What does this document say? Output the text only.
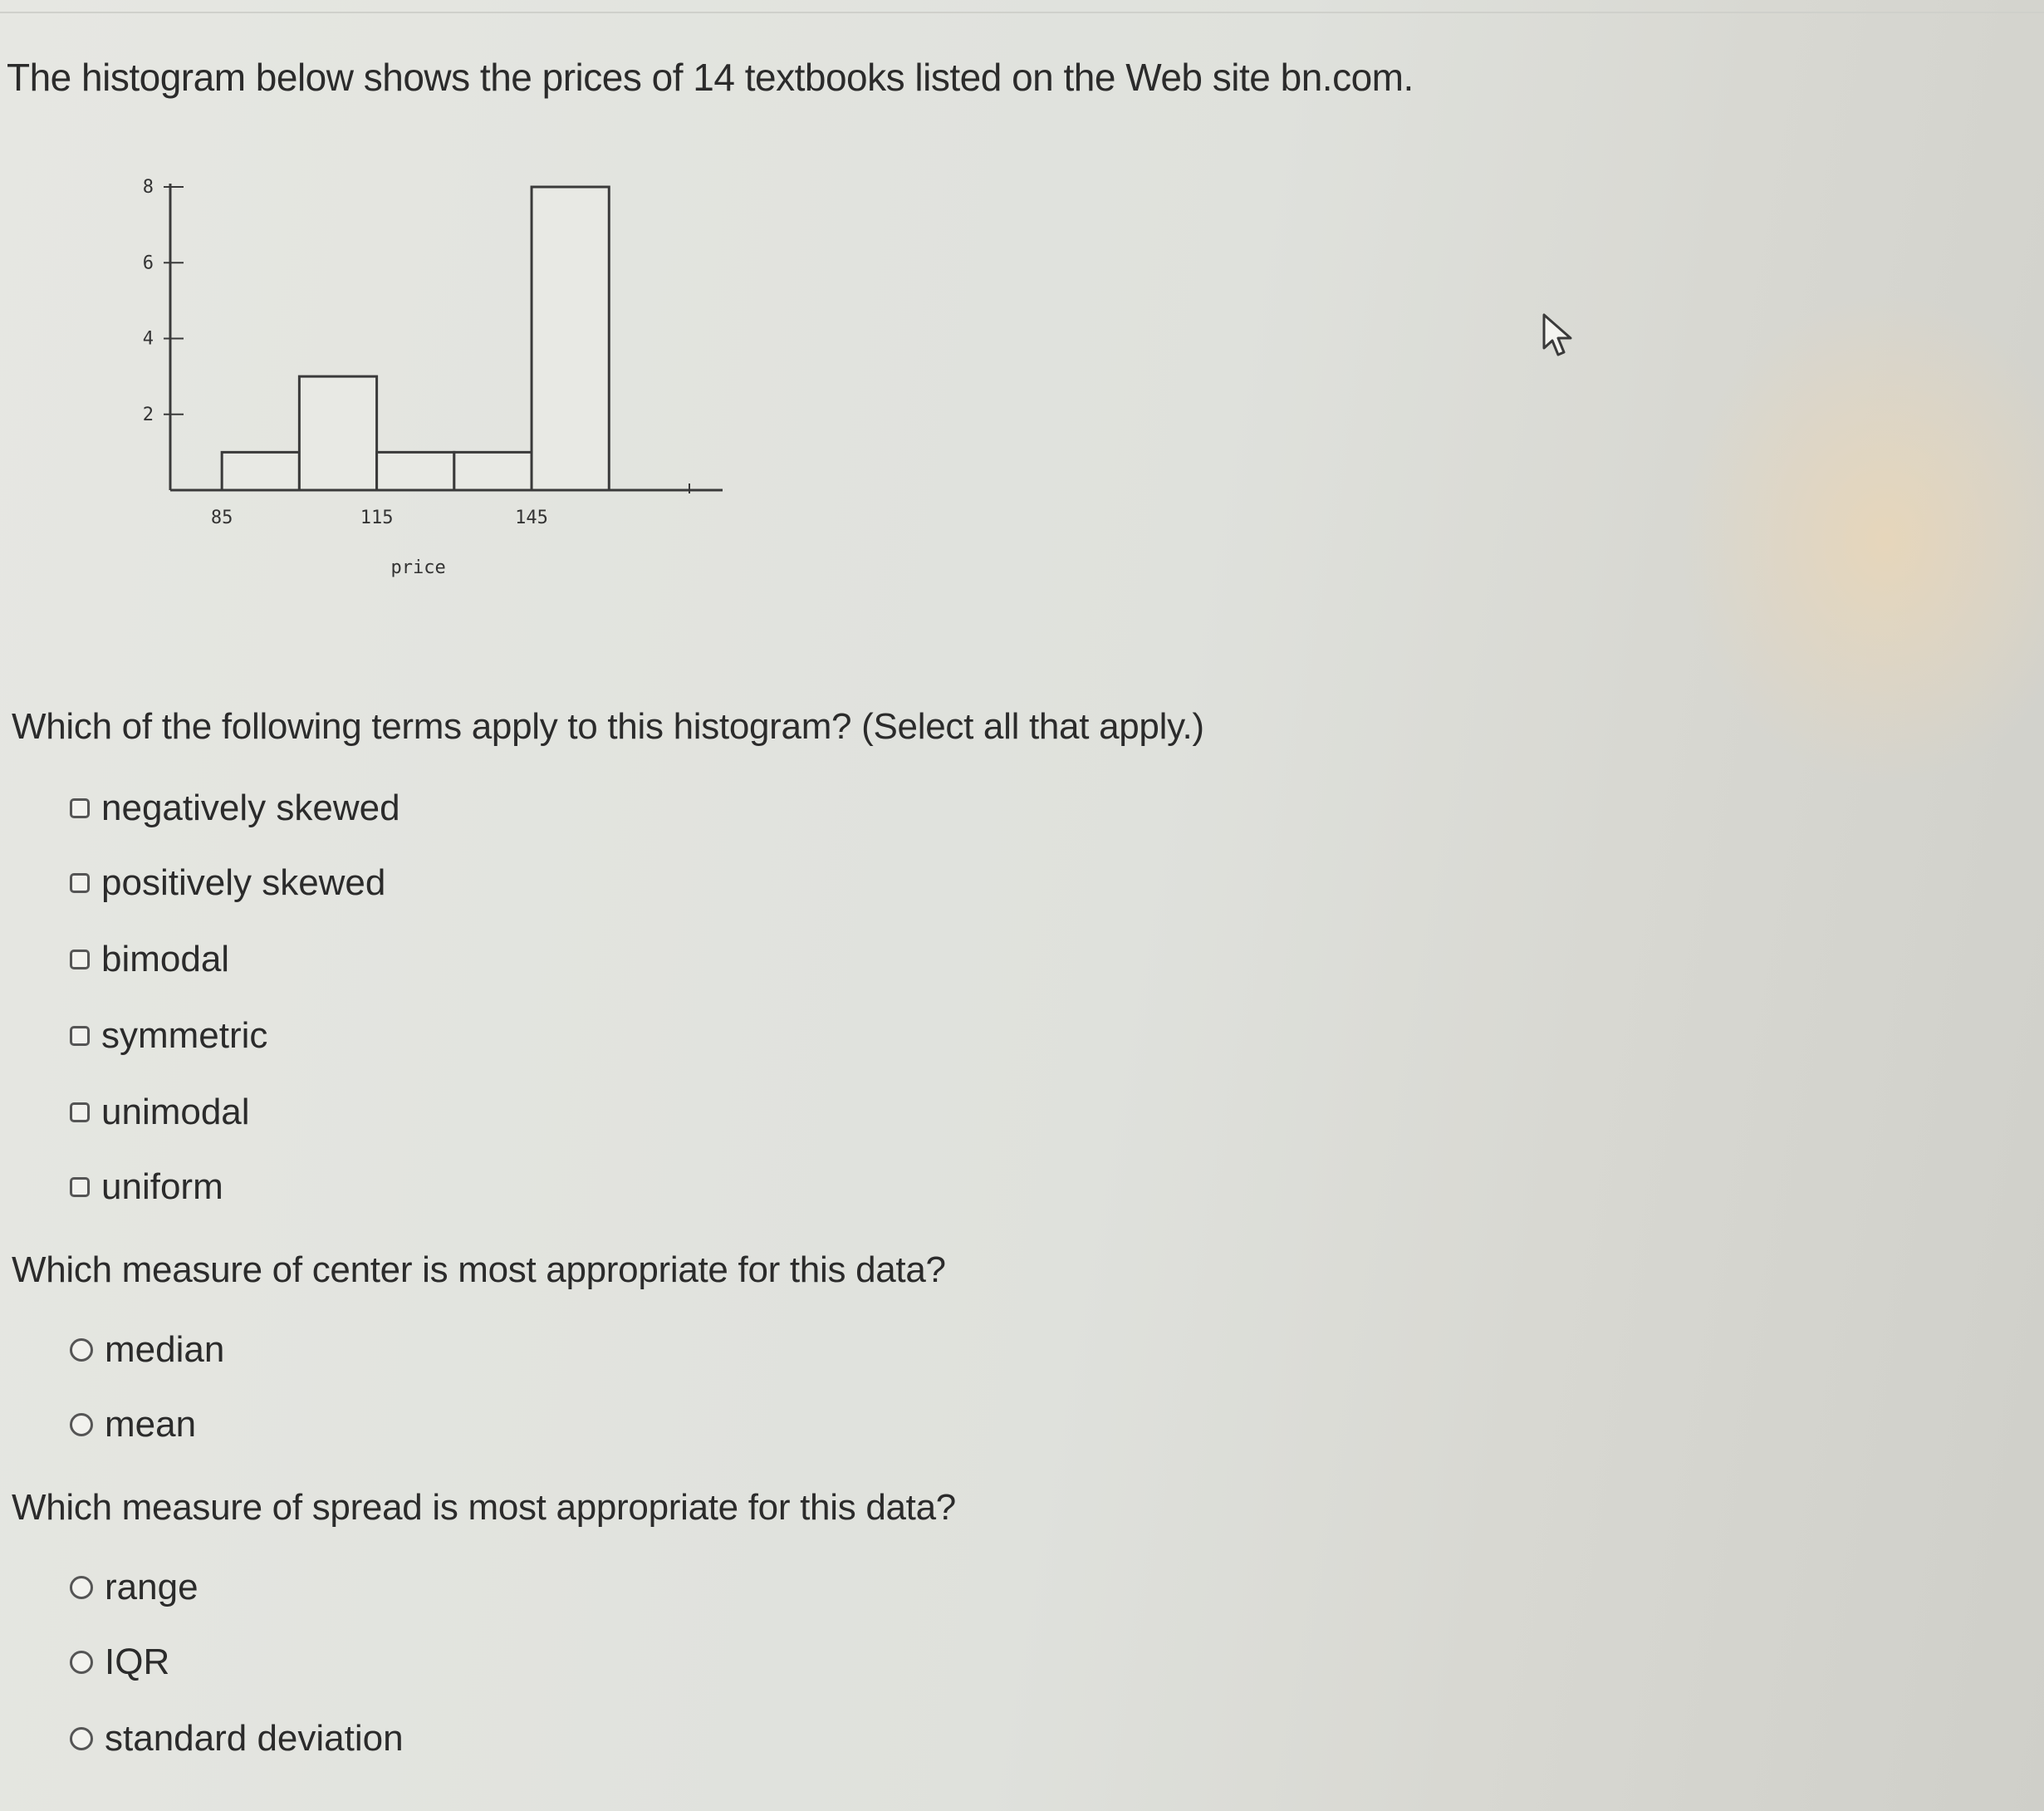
The histogram below shows the prices of 14 textbooks listed on the Web site bn.com.
2
4
6
8
85	115	145
price
Which of the following terms apply to this histogram? (Select all that apply.)
negatively skewed
positively skewed
bimodal
symmetric
unimodal
uniform
Which measure of center is most appropriate for this data?
median
mean
Which measure of spread is most appropriate for this data?
range
IQR
standard deviation
